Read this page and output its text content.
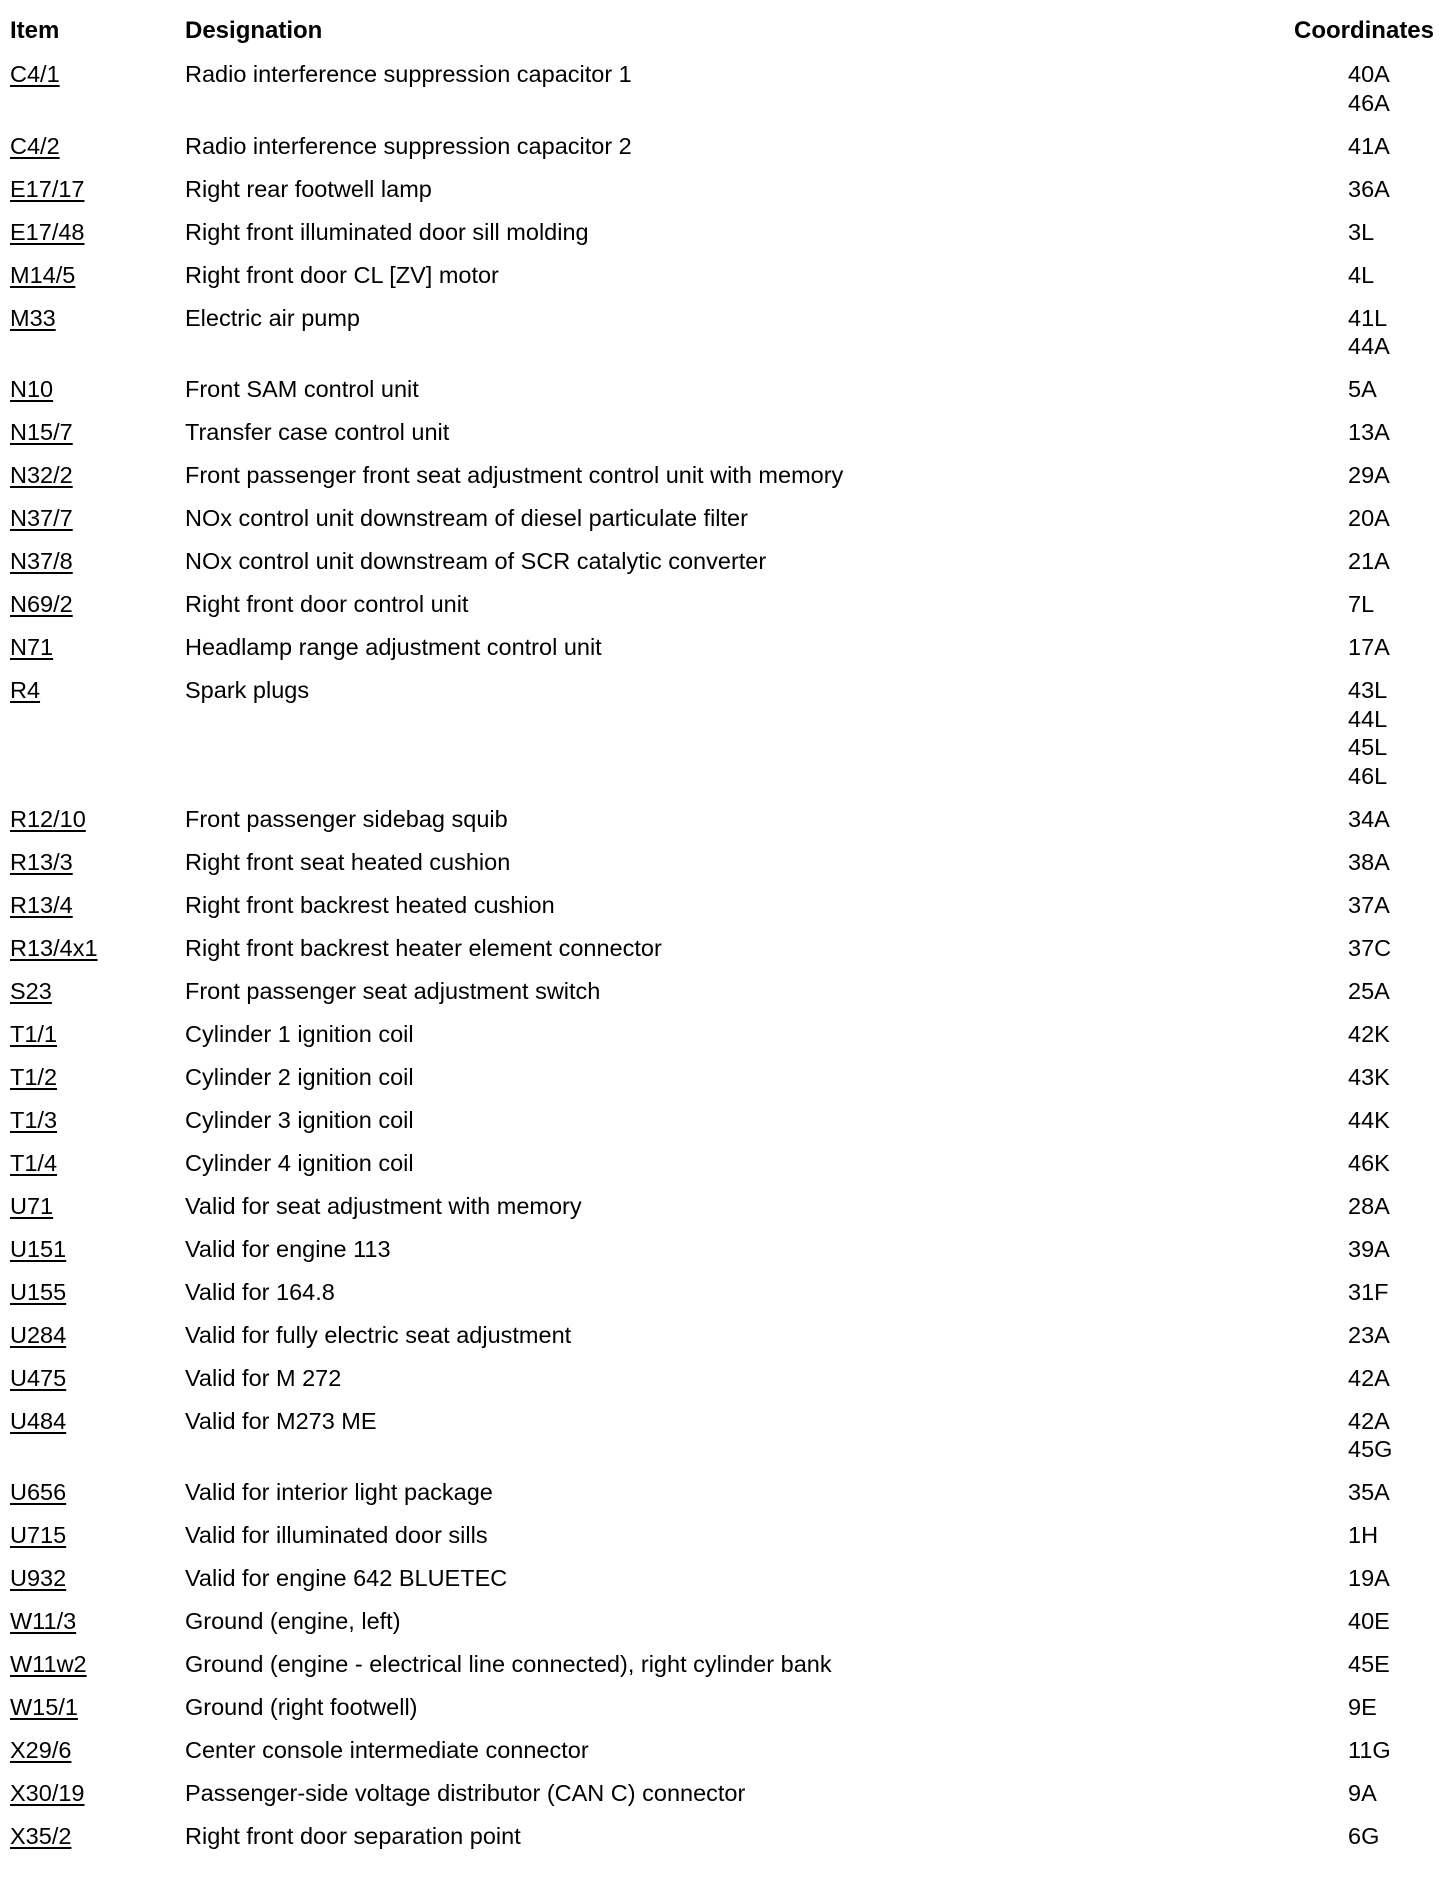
Item	Designation	Coordinates
C4/1	Radio interference suppression capacitor 1	40A
46A
C4/2	Radio interference suppression capacitor 2	41A
E17/17	Right rear footwell lamp	36A
E17/48	Right front illuminated door sill molding	3L
M14/5	Right front door CL [ZV] motor	4L
M33	Electric air pump	41L
44A
N10	Front SAM control unit	5A
N15/7	Transfer case control unit	13A
N32/2	Front passenger front seat adjustment control unit with memory	29A
N37/7	NOx control unit downstream of diesel particulate filter	20A
N37/8	NOx control unit downstream of SCR catalytic converter	21A
N69/2	Right front door control unit	7L
N71	Headlamp range adjustment control unit	17A
R4	Spark plugs	43L
44L
45L
46L
R12/10	Front passenger sidebag squib	34A
R13/3	Right front seat heated cushion	38A
R13/4	Right front backrest heated cushion	37A
R13/4x1	Right front backrest heater element connector	37C
S23	Front passenger seat adjustment switch	25A
T1/1	Cylinder 1 ignition coil	42K
T1/2	Cylinder 2 ignition coil	43K
T1/3	Cylinder 3 ignition coil	44K
T1/4	Cylinder 4 ignition coil	46K
U71	Valid for seat adjustment with memory	28A
U151	Valid for engine 113	39A
U155	Valid for 164.8	31F
U284	Valid for fully electric seat adjustment	23A
U475	Valid for M 272	42A
U484	Valid for M273 ME	42A
45G
U656	Valid for interior light package	35A
U715	Valid for illuminated door sills	1H
U932	Valid for engine 642 BLUETEC	19A
W11/3	Ground (engine, left)	40E
W11w2	Ground (engine - electrical line connected), right cylinder bank	45E
W15/1	Ground (right footwell)	9E
X29/6	Center console intermediate connector	11G
X30/19	Passenger-side voltage distributor (CAN C) connector	9A
X35/2	Right front door separation point	6G
